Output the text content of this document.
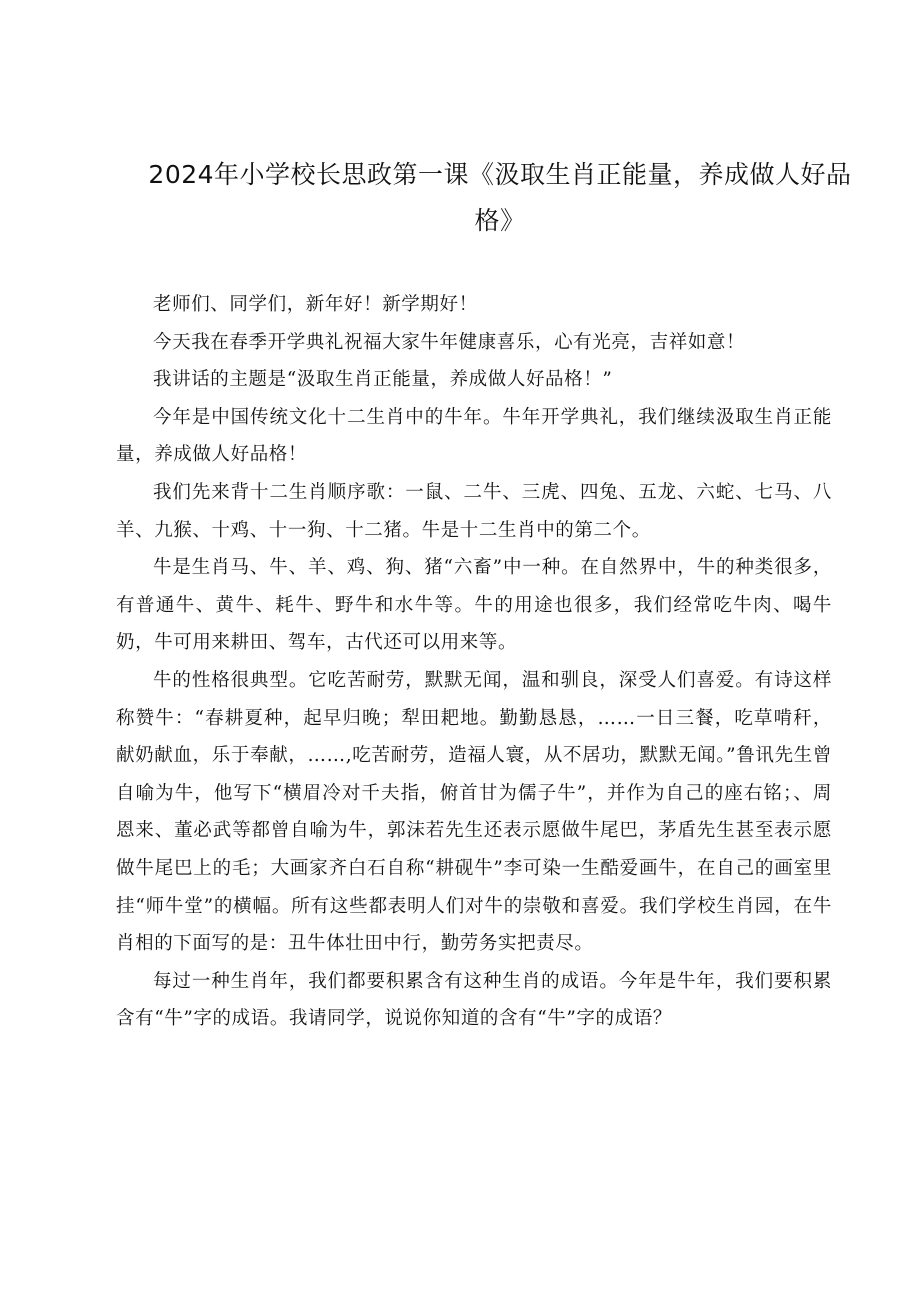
2024年小学校长思政第一课《汲取生肖正能量，养成做人好品格》

老师们、同学们，新年好！新学期好！

今天我在春季开学典礼祝福大家牛年健康喜乐，心有光亮，吉祥如意！

我讲话的主题是“汲取生肖正能量，养成做人好品格！”

今年是中国传统文化十二生肖中的牛年。牛年开学典礼，我们继续汲取生肖正能量，养成做人好品格！

我们先来背十二生肖顺序歌：一鼠、二牛、三虎、四兔、五龙、六蛇、七马、八羊、九猴、十鸡、十一狗、十二猪。牛是十二生肖中的第二个。

牛是生肖马、牛、羊、鸡、狗、猪“六畜”中一种。在自然界中，牛的种类很多，有普通牛、黄牛、耗牛、野牛和水牛等。牛的用途也很多，我们经常吃牛肉、喝牛奶，牛可用来耕田、驾车，古代还可以用来等。

牛的性格很典型。它吃苦耐劳，默默无闻，温和驯良，深受人们喜爱。有诗这样称赞牛：“春耕夏种，起早归晚；犁田耙地。勤勤恳恳，……一日三餐，吃草啃秆，献奶献血，乐于奉献，……,吃苦耐劳，造福人寰，从不居功，默默无闻。”鲁讯先生曾自喻为牛，他写下“横眉冷对千夫指，俯首甘为儒子牛”，并作为自己的座右铭；、周恩来、董必武等都曾自喻为牛，郭沫若先生还表示愿做牛尾巴，茅盾先生甚至表示愿做牛尾巴上的毛；大画家齐白石自称“耕砚牛”李可染一生酷爱画牛，在自己的画室里挂“师牛堂”的横幅。所有这些都表明人们对牛的崇敬和喜爱。我们学校生肖园，在牛肖相的下面写的是：丑牛体壮田中行，勤劳务实把责尽。

每过一种生肖年，我们都要积累含有这种生肖的成语。今年是牛年，我们要积累含有“牛”字的成语。我请同学，说说你知道的含有“牛”字的成语？
